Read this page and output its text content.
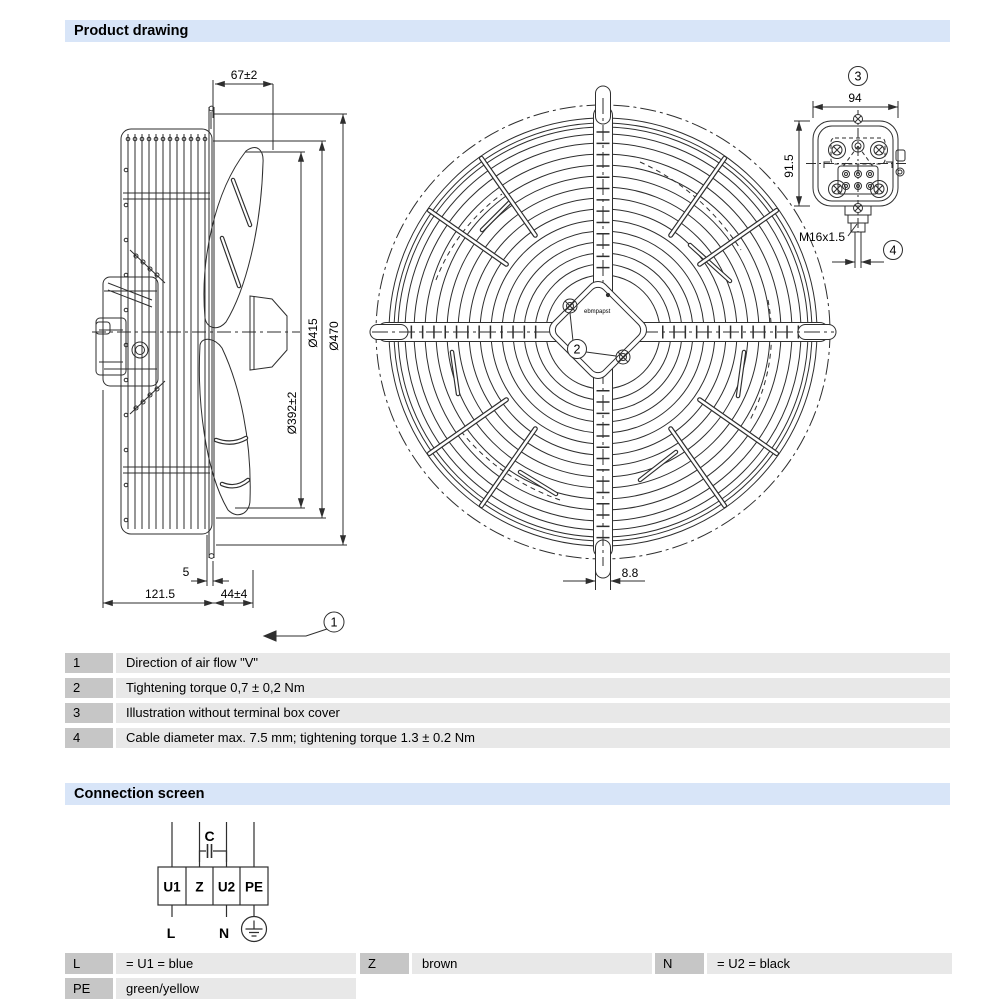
67±2
Ø470
Ø415
Ø392±2
5
121.5	44±4
8.8
94
91.5
M16x1.5
1
2
3
4
ebmpapst
Product drawing
Connection screen
1	Direction of air flow "V"
2	Tightening torque 0,7 ± 0,2 Nm
3	Illustration without terminal box cover
4	Cable diameter max. 7.5 mm; tightening torque 1.3 ± 0.2 Nm
U1 Z U2 PE
C
L	N
L	= U1 = blue	Z	brown	N	= U2 = black
PE	green/yellow
